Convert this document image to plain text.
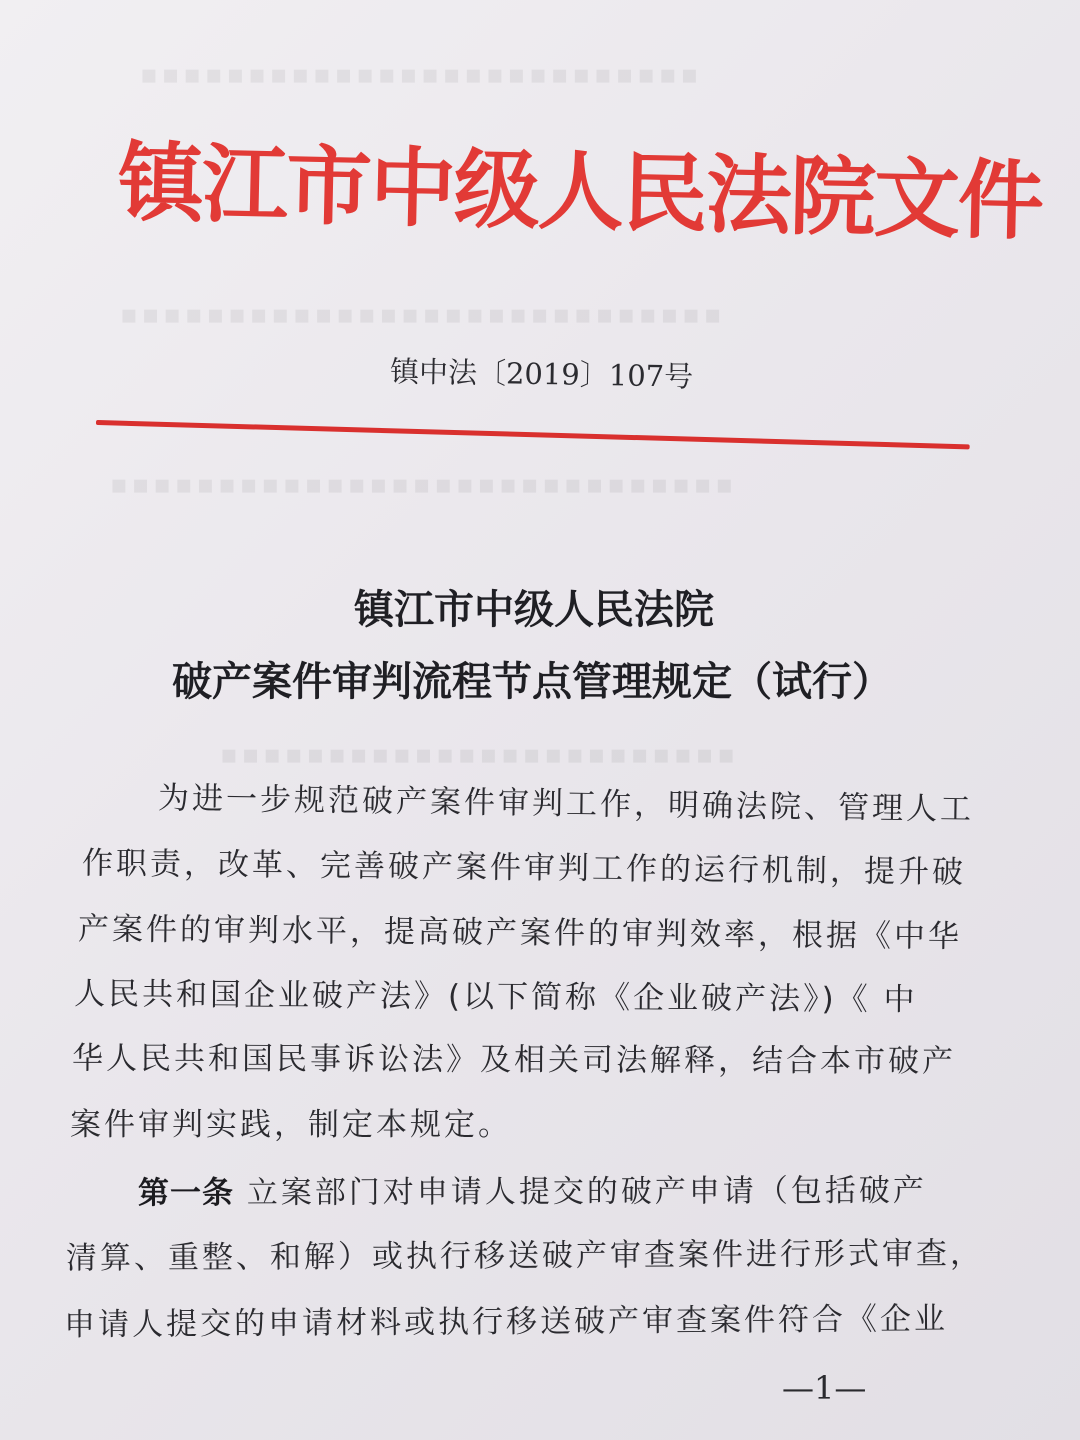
▪▪▪▪▪▪▪▪▪▪▪▪▪▪▪▪▪▪▪▪▪▪▪▪▪▪
▪▪▪▪▪▪▪▪▪▪▪▪▪▪▪▪▪▪▪▪▪▪▪▪▪▪▪▪
▪▪▪▪▪▪▪▪▪▪▪▪▪▪▪▪▪▪▪▪▪▪▪▪▪▪▪▪▪
▪▪▪▪▪▪▪▪▪▪▪▪▪▪▪▪▪▪▪▪▪▪▪▪
镇江市中级人民法院文件
镇中法〔2019〕107号
镇江市中级人民法院
破产案件审判流程节点管理规定（试行）
为进一步规范破产案件审判工作，明确法院、管理人工
作职责，改革、完善破产案件审判工作的运行机制，提升破
产案件的审判水平，提高破产案件的审判效率，根据《中华
人民共和国企业破产法》(以下简称《企业破产法》)《 中
华人民共和国民事诉讼法》及相关司法解释，结合本市破产
案件审判实践，制定本规定。
第一条 立案部门对申请人提交的破产申请（包括破产
清算、重整、和解）或执行移送破产审查案件进行形式审查，
申请人提交的申请材料或执行移送破产审查案件符合《企业
—1—
